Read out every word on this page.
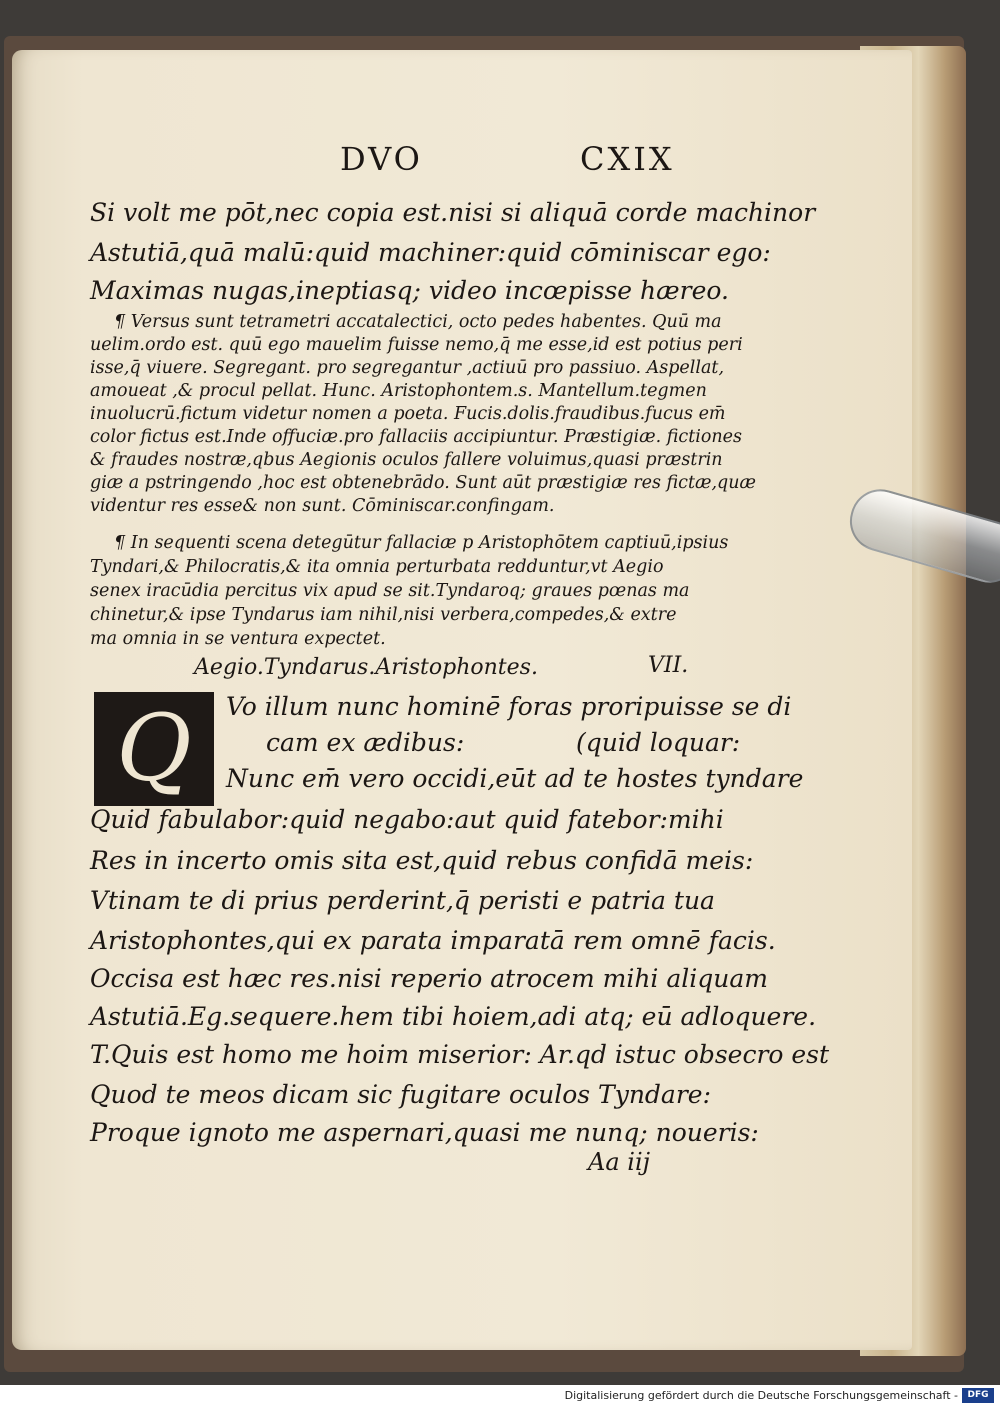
DVO	CXIX
Si volt me pōt,nec copia est.nisi si aliquā corde machinor
Astutiā,quā malū:quid machiner:quid cōminiscar ego:
Maximas nugas,ineptiasq; video incœpisse hæreo.
¶ Versus sunt tetrametri accatalectici, octo pedes habentes. Quū ma
uelim.ordo est. quū ego mauelim fuisse nemo,q̄ me esse,id est potius peri
isse,q̄ viuere. Segregant. pro segregantur ,actiuū pro passiuo. Aspellat,
amoueat ,& procul pellat. Hunc. Aristophontem.s. Mantellum.tegmen
inuolucrū.fictum videtur nomen a poeta. Fucis.dolis.fraudibus.fucus em̄
color fictus est.Inde offuciæ.pro fallaciis accipiuntur. Præstigiæ. fictiones
& fraudes nostræ,qbus Aegionis oculos fallere voluimus,quasi præstrin
giæ a pstringendo ,hoc est obtenebrādo. Sunt aūt præstigiæ res fictæ,quæ
videntur res esse& non sunt. Cōminiscar.confingam.
¶ In sequenti scena detegūtur fallaciæ p Aristophōtem captiuū,ipsius
Tyndari,& Philocratis,& ita omnia perturbata redduntur,vt Aegio
senex iracūdia percitus vix apud se sit.Tyndaroq; graues pœnas ma
chinetur,& ipse Tyndarus iam nihil,nisi verbera,compedes,& extre
ma omnia in se ventura expectet.
Aegio.Tyndarus.Aristophontes.	VII.
Q Vo illum nunc hominē foras proripuisse se di
cam ex ædibus:	(quid loquar:
Nunc em̄ vero occidi,eūt ad te hostes tyndare
Quid fabulabor:quid negabo:aut quid fatebor:mihi
Res in incerto omis sita est,quid rebus confidā meis:
Vtinam te di prius perderint,q̄ peristi e patria tua
Aristophontes,qui ex parata imparatā rem omnē facis.
Occisa est hæc res.nisi reperio atrocem mihi aliquam
Astutiā.Eg.sequere.hem tibi hoiem,adi atq; eū adloquere.
T.Quis est homo me hoim miserior: Ar.qd istuc obsecro est
Quod te meos dicam sic fugitare oculos Tyndare:
Proque ignoto me aspernari,quasi me nunq; noueris:
Aa iij
Digitalisierung gefördert durch die Deutsche Forschungsgemeinschaft -	DFG
